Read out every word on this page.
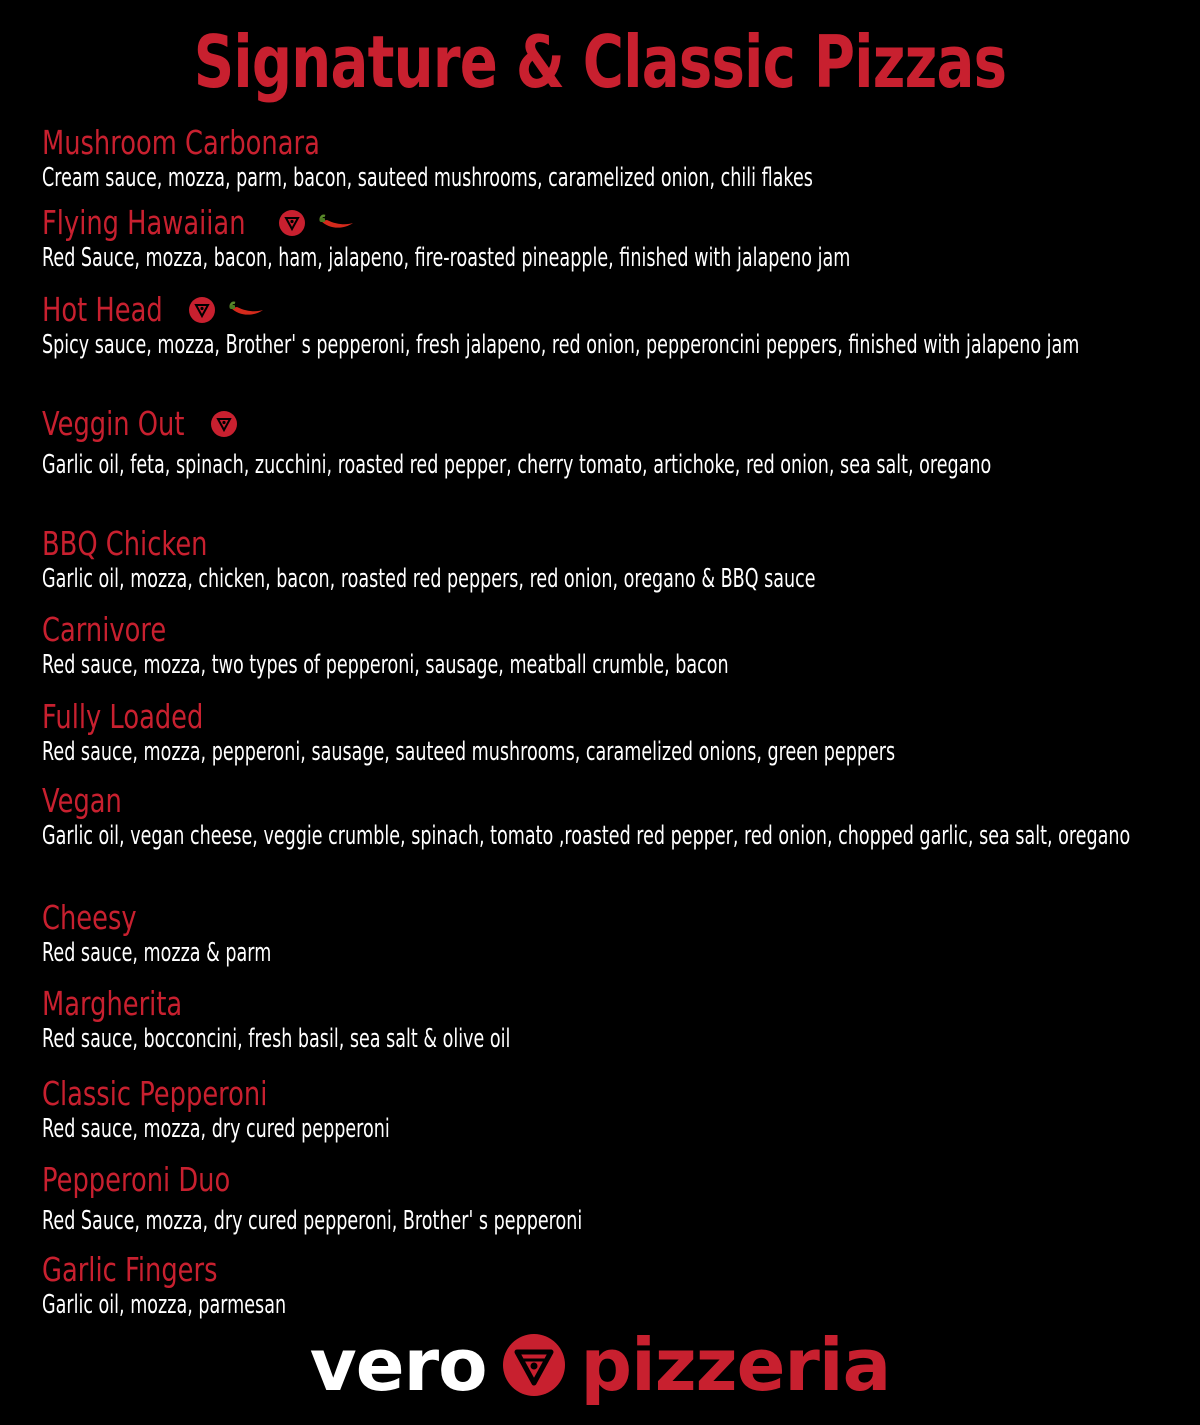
Signature & Classic Pizzas
Mushroom Carbonara
Cream sauce, mozza, parm, bacon, sauteed mushrooms, caramelized onion, chili flakes
Flying Hawaiian
Red Sauce, mozza, bacon, ham, jalapeno, fire-roasted pineapple, finished with jalapeno jam
Hot Head
Spicy sauce, mozza, Brother' s pepperoni, fresh jalapeno, red onion, pepperoncini peppers, finished with jalapeno jam
Veggin Out
Garlic oil, feta, spinach, zucchini, roasted red pepper, cherry tomato, artichoke, red onion, sea salt, oregano
BBQ Chicken
Garlic oil, mozza, chicken, bacon, roasted red peppers, red onion, oregano & BBQ sauce
Carnivore
Red sauce, mozza, two types of pepperoni, sausage, meatball crumble, bacon
Fully Loaded
Red sauce, mozza, pepperoni, sausage, sauteed mushrooms, caramelized onions, green peppers
Vegan
Garlic oil, vegan cheese, veggie crumble, spinach, tomato ,roasted red pepper, red onion, chopped garlic, sea salt, oregano
Cheesy
Red sauce, mozza & parm
Margherita
Red sauce, bocconcini, fresh basil, sea salt & olive oil
Classic Pepperoni
Red sauce, mozza, dry cured pepperoni
Pepperoni Duo
Red Sauce, mozza, dry cured pepperoni, Brother' s pepperoni
Garlic Fingers
Garlic oil, mozza, parmesan
vero pizzeria
